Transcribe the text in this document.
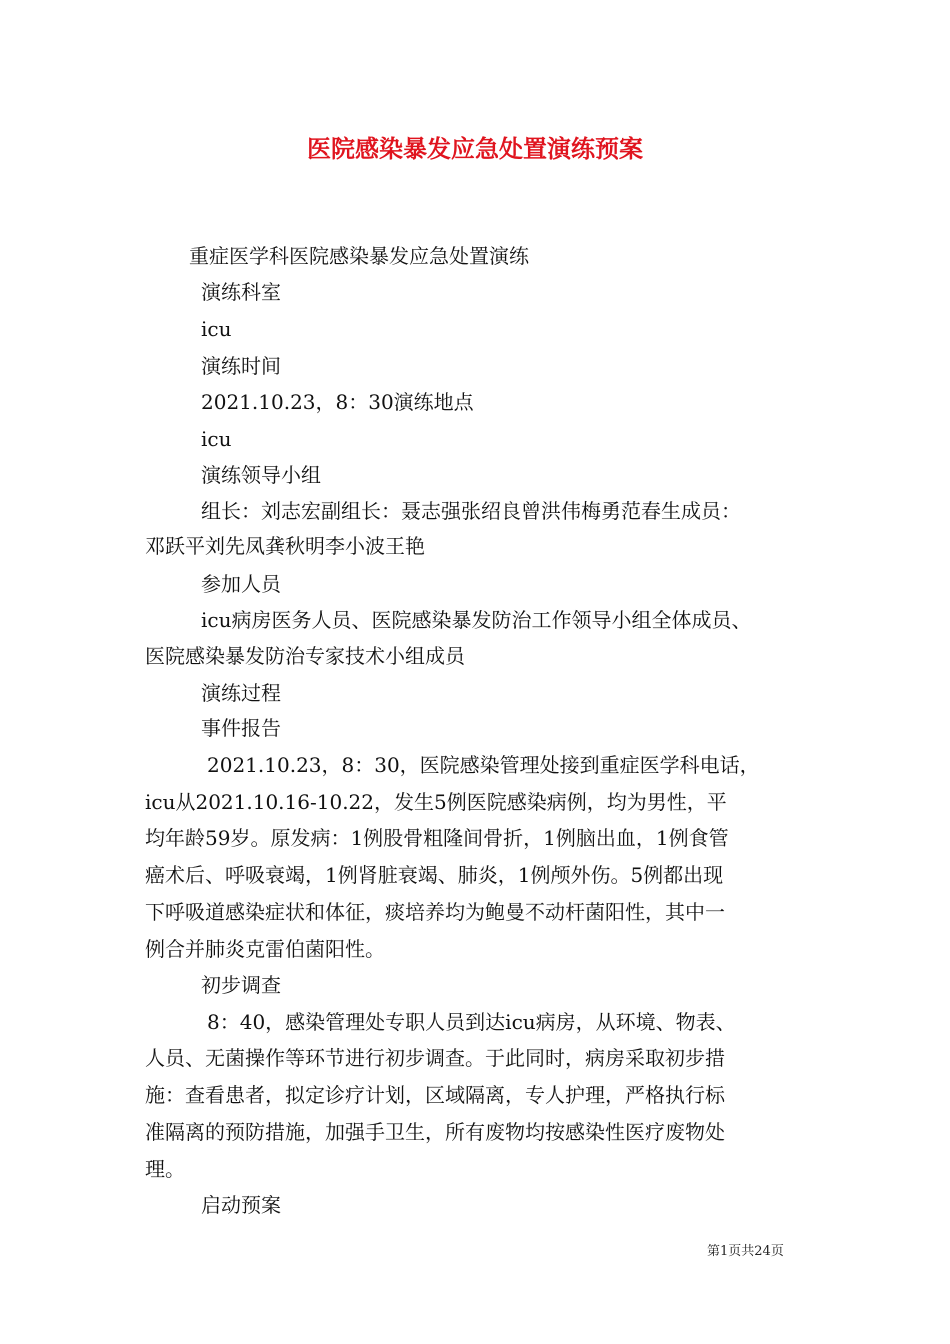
医院感染暴发应急处置演练预案
重症医学科医院感染暴发应急处置演练
演练科室
icu
演练时间
2021.10.23，8：30演练地点
icu
演练领导小组
组长：刘志宏副组长：聂志强张绍良曾洪伟梅勇范春生成员：
邓跃平刘先凤龚秋明李小波王艳
参加人员
icu病房医务人员、医院感染暴发防治工作领导小组全体成员、
医院感染暴发防治专家技术小组成员
演练过程
事件报告
2021.10.23，8：30，医院感染管理处接到重症医学科电话，
icu从2021.10.16-10.22，发生5例医院感染病例，均为男性，平
均年龄59岁。原发病：1例股骨粗隆间骨折，1例脑出血，1例食管
癌术后、呼吸衰竭，1例肾脏衰竭、肺炎，1例颅外伤。5例都出现
下呼吸道感染症状和体征，痰培养均为鲍曼不动杆菌阳性，其中一
例合并肺炎克雷伯菌阳性。
初步调查
8：40，感染管理处专职人员到达icu病房，从环境、物表、
人员、无菌操作等环节进行初步调查。于此同时，病房采取初步措
施：查看患者，拟定诊疗计划，区域隔离，专人护理，严格执行标
准隔离的预防措施，加强手卫生，所有废物均按感染性医疗废物处
理。
启动预案
第1页共24页
